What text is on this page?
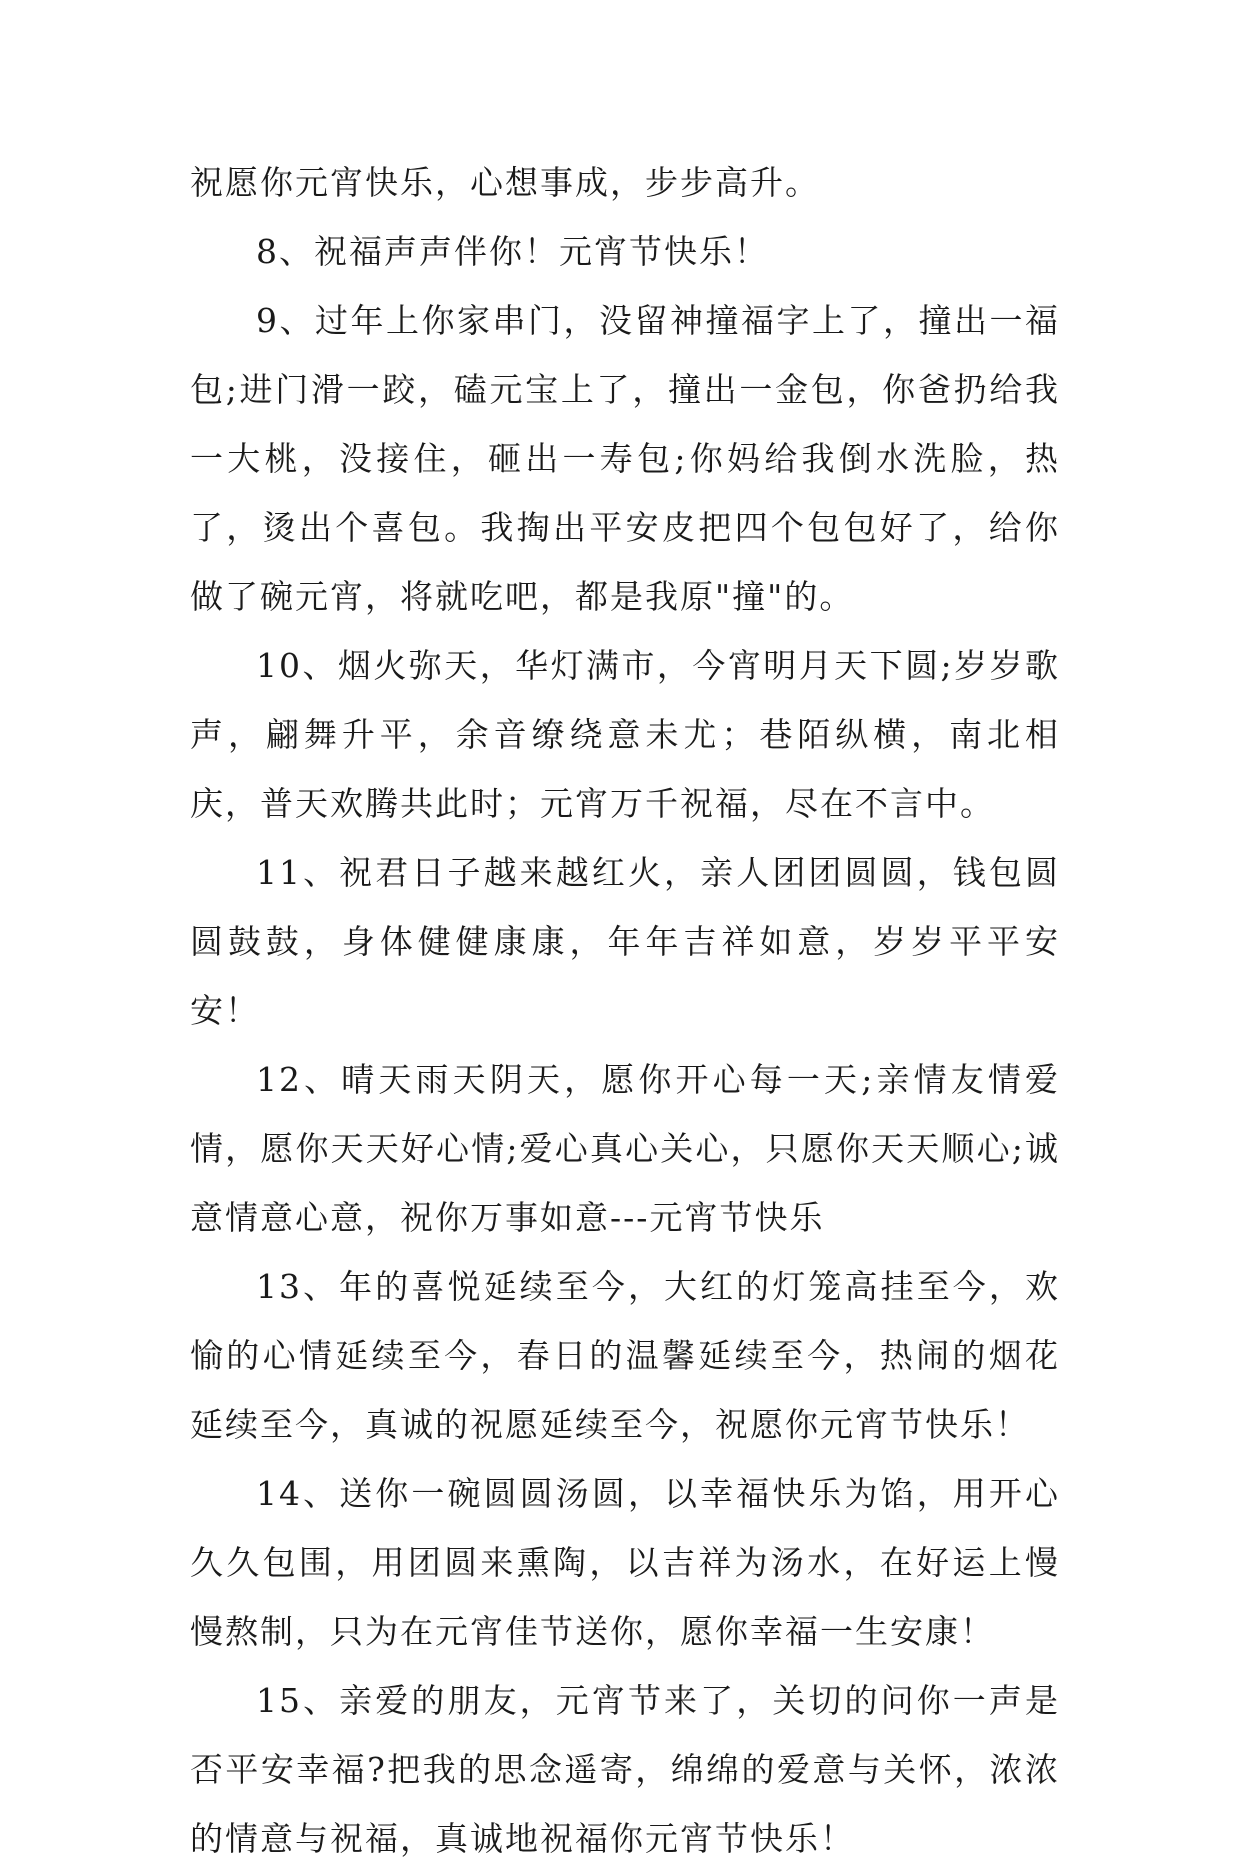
祝愿你元宵快乐，心想事成，步步高升。

8、祝福声声伴你！元宵节快乐！

9、过年上你家串门，没留神撞福字上了，撞出一福包;进门滑一跤，磕元宝上了，撞出一金包，你爸扔给我一大桃，没接住，砸出一寿包;你妈给我倒水洗脸，热了，烫出个喜包。我掏出平安皮把四个包包好了，给你做了碗元宵，将就吃吧，都是我原"撞"的。

10、烟火弥天，华灯满市，今宵明月天下圆;岁岁歌声，翩舞升平，余音缭绕意未尤；巷陌纵横，南北相庆，普天欢腾共此时；元宵万千祝福，尽在不言中。

11、祝君日子越来越红火，亲人团团圆圆，钱包圆圆鼓鼓，身体健健康康，年年吉祥如意，岁岁平平安安！

12、晴天雨天阴天，愿你开心每一天;亲情友情爱情，愿你天天好心情;爱心真心关心，只愿你天天顺心;诚意情意心意，祝你万事如意---元宵节快乐

13、年的喜悦延续至今，大红的灯笼高挂至今，欢愉的心情延续至今，春日的温馨延续至今，热闹的烟花延续至今，真诚的祝愿延续至今，祝愿你元宵节快乐！

14、送你一碗圆圆汤圆，以幸福快乐为馅，用开心久久包围，用团圆来熏陶，以吉祥为汤水，在好运上慢慢熬制，只为在元宵佳节送你，愿你幸福一生安康！

15、亲爱的朋友，元宵节来了，关切的问你一声是否平安幸福?把我的思念遥寄，绵绵的爱意与关怀，浓浓的情意与祝福，真诚地祝福你元宵节快乐！
